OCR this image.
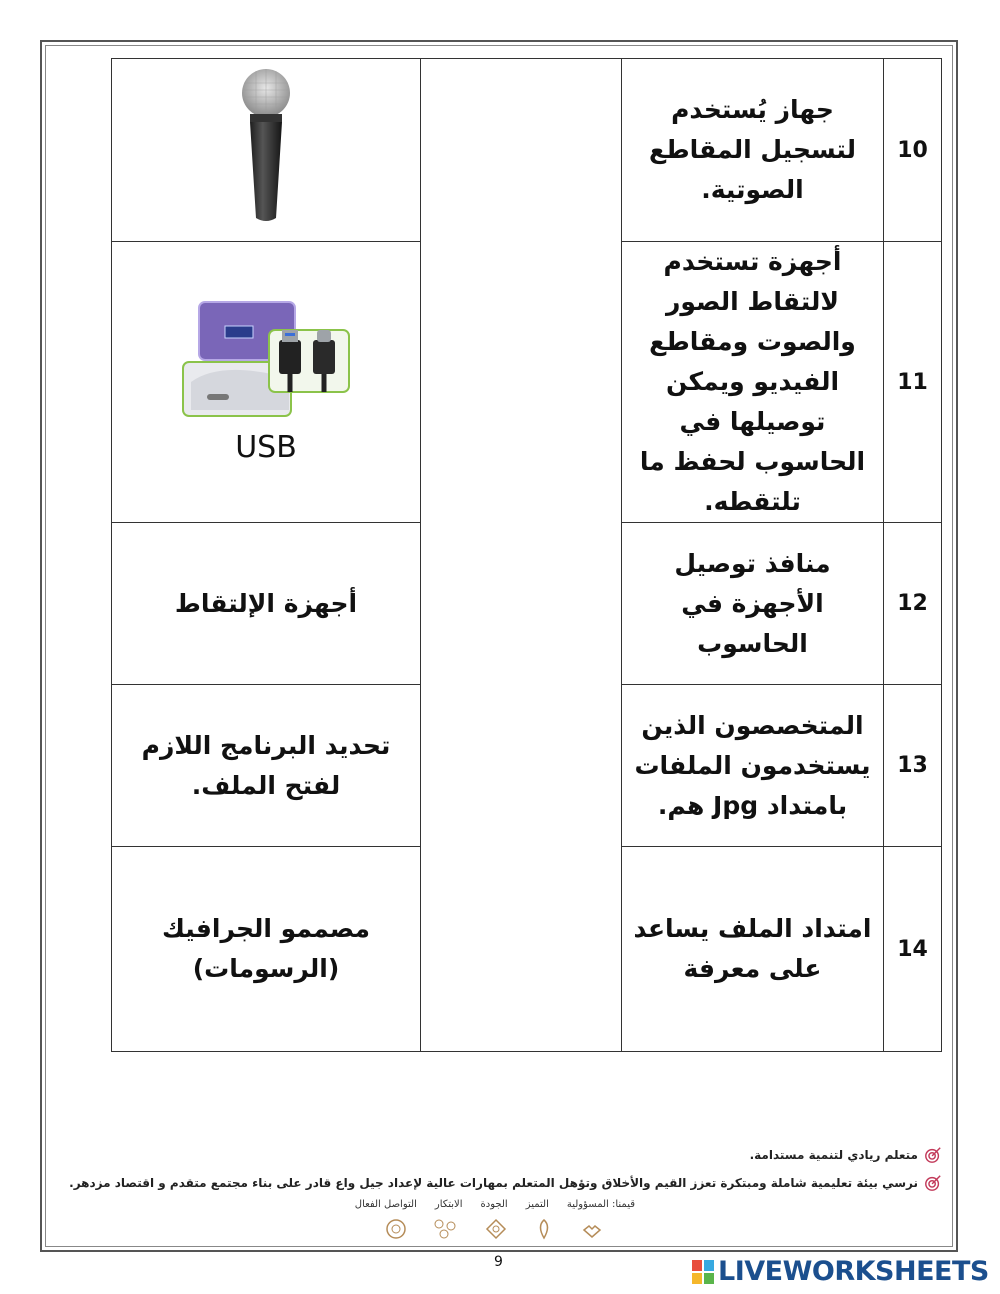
		جهاز يُستخدم لتسجيل المقاطع الصوتية.	10

USB		أجهزة تستخدم لالتقاط الصور والصوت ومقاطع الفيديو ويمكن توصيلها في الحاسوب لحفظ ما تلتقطه.	11
أجهزة الإلتقاط		منافذ توصيل الأجهزة في الحاسوب	12
تحديد البرنامج اللازم لفتح الملف.		المتخصصون الذين يستخدمون الملفات بامتداد Jpg هم.	13
مصممو الجرافيك (الرسومات)		امتداد الملف يساعد على معرفة	14
متعلم ريادي لتنمية مستدامة.
نرسي بيئة تعليمية شاملة ومبتكرة تعزز القيم والأخلاق وتؤهل المتعلم بمهارات عالية لإعداد جيل واع قادر على بناء مجتمع متقدم و اقتصاد مزدهر.
قيمنا: المسؤولية
التميز
الجودة
الابتكار
التواصل الفعال
9	LIVEWORKSHEETS
